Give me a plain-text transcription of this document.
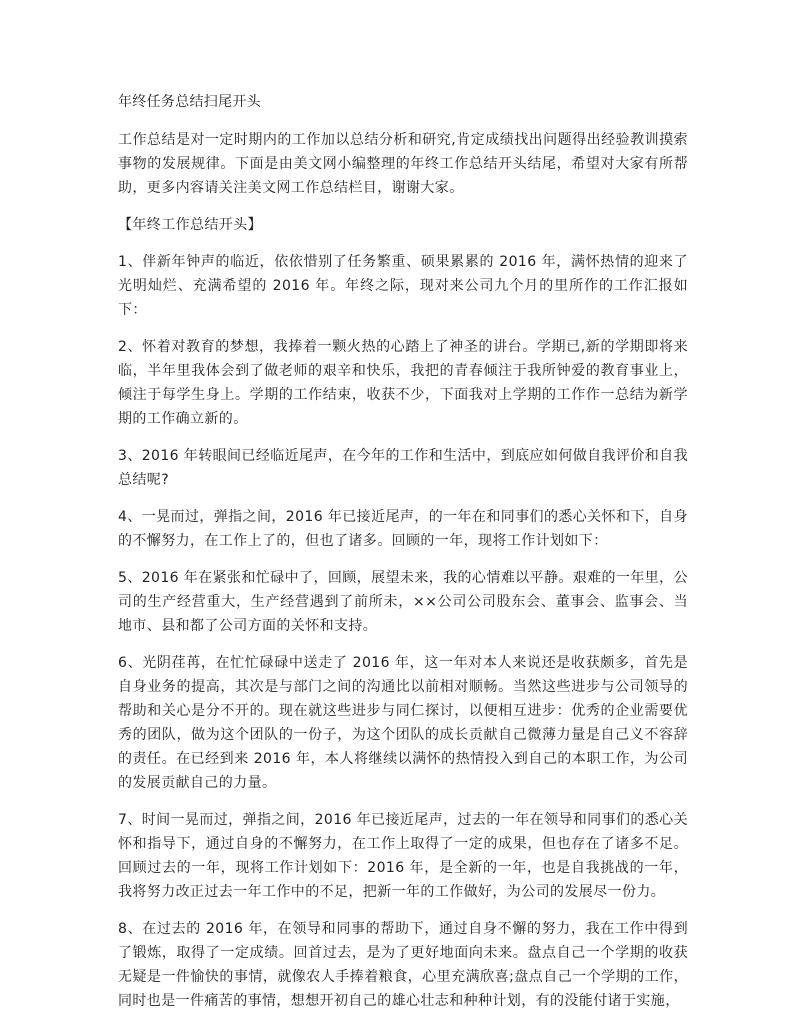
年终任务总结扫尾开头

工作总结是对一定时期内的工作加以总结分析和研究,肯定成绩找出问题得出经验教训摸索事物的发展规律。下面是由美文网小编整理的年终工作总结开头结尾，希望对大家有所帮助，更多内容请关注美文网工作总结栏目，谢谢大家。

【年终工作总结开头】

1、伴新年钟声的临近，依依惜别了任务繁重、硕果累累的 2016 年，满怀热情的迎来了光明灿烂、充满希望的 2016 年。年终之际，现对来公司九个月的里所作的工作汇报如下：

2、怀着对教育的梦想，我捧着一颗火热的心踏上了神圣的讲台。学期已,新的学期即将来临，半年里我体会到了做老师的艰辛和快乐，我把的青春倾注于我所钟爱的教育事业上，倾注于每学生身上。学期的工作结束，收获不少，下面我对上学期的工作作一总结为新学期的工作确立新的。

3、2016 年转眼间已经临近尾声，在今年的工作和生活中，到底应如何做自我评价和自我总结呢?

4、一晃而过，弹指之间，2016 年已接近尾声，的一年在和同事们的悉心关怀和下，自身的不懈努力，在工作上了的，但也了诸多。回顾的一年，现将工作计划如下：

5、2016 年在紧张和忙碌中了，回顾，展望未来，我的心情难以平静。艰难的一年里，公司的生产经营重大，生产经营遇到了前所未，××公司公司股东会、董事会、监事会、当地市、县和都了公司方面的关怀和支持。

6、光阴荏苒，在忙忙碌碌中送走了 2016 年，这一年对本人来说还是收获颇多，首先是自身业务的提高，其次是与部门之间的沟通比以前相对顺畅。当然这些进步与公司领导的帮助和关心是分不开的。现在就这些进步与同仁探讨，以便相互进步：优秀的企业需要优秀的团队，做为这个团队的一份子，为这个团队的成长贡献自己微薄力量是自己义不容辞的责任。在已经到来 2016 年，本人将继续以满怀的热情投入到自己的本职工作，为公司的发展贡献自己的力量。

7、时间一晃而过，弹指之间，2016 年已接近尾声，过去的一年在领导和同事们的悉心关怀和指导下，通过自身的不懈努力，在工作上取得了一定的成果，但也存在了诸多不足。回顾过去的一年，现将工作计划如下：2016 年，是全新的一年，也是自我挑战的一年，我将努力改正过去一年工作中的不足，把新一年的工作做好，为公司的发展尽一份力。

8、在过去的 2016 年，在领导和同事的帮助下，通过自身不懈的努力，我在工作中得到了锻炼，取得了一定成绩。回首过去，是为了更好地面向未来。盘点自己一个学期的收获无疑是一件愉快的事情，就像农人手捧着粮食，心里充满欣喜;盘点自己一个学期的工作，同时也是一件痛苦的事情，想想开初自己的雄心壮志和种种计划，有的没能付诸于实施，
